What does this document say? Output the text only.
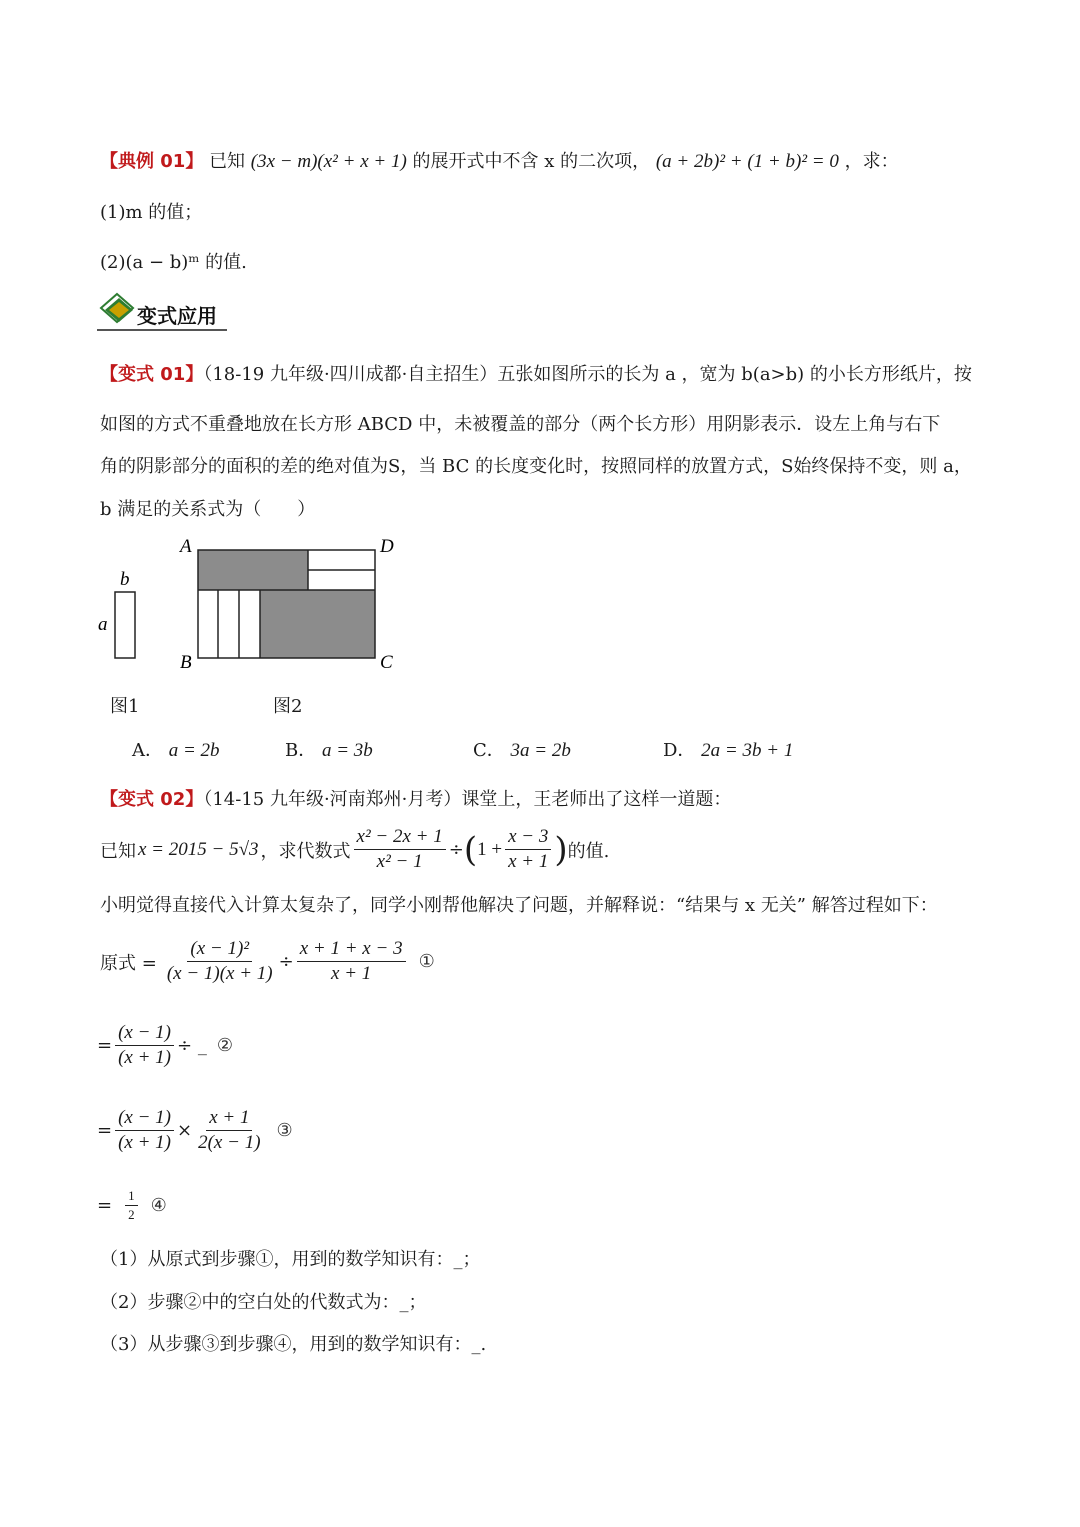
【典例 01】 已知 (3x − m)(x² + x + 1) 的展开式中不含 x 的二次项， (a + 2b)² + (1 + b)² = 0 ，求：
(1)m 的值；
(2)(a − b)ᵐ 的值.
变式应用
【变式 01】（18-19 九年级·四川成都·自主招生）五张如图所示的长为 a ，宽为 b(a>b) 的小长方形纸片，按
如图的方式不重叠地放在长方形 ABCD 中，未被覆盖的部分（两个长方形）用阴影表示．设左上角与右下
角的阴影部分的面积的差的绝对值为S，当 BC 的长度变化时，按照同样的放置方式，S始终保持不变，则 a，
b 满足的关系式为（　　）
b
a
A	D
B	C
图1	图2
A． a = 2b	B． a = 3b	C． 3a = 2b	D． 2a = 3b + 1
【变式 02】（14-15 九年级·河南郑州·月考）课堂上，王老师出了这样一道题：
已知 x = 2015 − 5√3 ，求代数式 $\frac{\text{x² − 2x + 1}}{\text{x² − 1}}$ ÷ ( $1 + \frac{x - 3}{x + 1}$ ) 的值.
小明觉得直接代入计算太复杂了，同学小刚帮他解决了问题，并解释说：“结果与 x 无关” 解答过程如下：
原式 = $\frac{\text{(x − 1)²}}{(x - 1)(x + 1)} \div \frac{x + 1 + x - 3}{x + 1}$ ①
= $\frac{(x - 1)}{(x + 1)}$ ÷ _ ②
= $\frac{(x - 1)}{(x + 1)} \times \frac{x + 1}{2(x - 1)}$ ③
= $\frac{1}{2}$ ④
（1）从原式到步骤①，用到的数学知识有：_；
（2）步骤②中的空白处的代数式为：_；
（3）从步骤③到步骤④，用到的数学知识有：_.
